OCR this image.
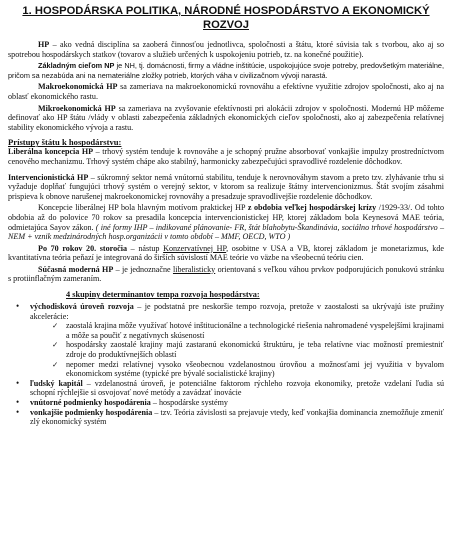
1. HOSPODÁRSKA POLITIKA, NÁRODNÉ HOSPODÁRSTVO A EKONOMICKÝ ROZVOJ

HP – ako vedná disciplína sa zaoberá činnosťou jednotlivca, spoločnosti a štátu, ktoré súvisia tak s tvorbou, ako aj so spotrebou hospodárskych statkov (tovarov a služieb určených k uspokojeniu potrieb, tz. na konečné použitie).

Základným cieľom NP je NH, tj. domácnosti, firmy a vládne inštitúcie, uspokojujúce svoje potreby, predovšetkým materiálne, pričom sa nezabúda ani na nemateriálne zložky potrieb, ktorých váha v civilizačnom vývoji narastá.

Makroekonomická HP sa zameriava na makroekonomickú rovnováhu a efektívne využitie zdrojov spoločnosti, ako aj na oblasť ekonomického rastu.

Mikroekonomická HP sa zameriava na zvyšovanie efektívnosti pri alokácii zdrojov v spoločnosti. Modernú HP môžeme definovať ako HP štátu /vlády v oblasti zabezpečenia základných ekonomických cieľov spoločnosti, ako aj zabezpečenia relatívnej stability ekonomického vývoja a rastu.

Prístupy štátu k hospodárstvu:

Liberálna koncepcia HP – trhový systém tenduje k rovnováhe a je schopný pružne absorbovať vonkajšie impulzy prostredníctvom cenového mechanizmu. Trhový systém chápe ako stabilný, harmonicky zabezpečujúci spravodlivé rozdelenie dôchodkov.

Intervencionistická HP – súkromný sektor nemá vnútornú stabilitu, tenduje k nerovnováhym stavom a preto tzv. zlyhávanie trhu si vyžaduje doplňať fungujúci trhový systém o verejný sektor, v ktorom sa realizuje štátny intervencionizmus. Štát svojím zásahmi prispieva k obnove narušenej makroekonomickej rovnováhy a presadzuje spravodlivejšie rozdelenie dôchodkov.

Koncepcie liberálnej HP bola hlavným motívom praktickej HP z obdobia veľkej hospodárskej krízy /1929-33/. Od tohto obdobia až do polovice 70 rokov sa presadila koncepcia intervencionistickej HP, ktorej základom bola Keynesová MAE teória, odmietajúca Sayov zákon. ( iné formy IHP – indikované plánovanie- FR, štát blahobytu-Škandinávia, sociálno trhové hospodárstvo – NEM + vznik medzinárodných hosp.organizácii v tomto období – MMF, OECD, WTO )

Po 70 rokov 20. storočia – nástup Konzervatívnej HP, osobitne v USA a VB, ktorej základom je monetarizmus, kde kvantitatívna teória peňazí je integrovaná do širších súvislostí MAE teórie vo väzbe na všeobecnú teóriu cien.

Súčasná moderná HP – je jednoznačne liberalisticky orientovaná s veľkou váhou prvkov podporujúcich ponukovú stránku s protiinflačným zameraním.

4 skupiny determinantov tempa rozvoja hospodárstva:

• východisková úroveň rozvoja – je podstatná pre neskoršie tempo rozvoja, pretože v zaostalosti sa ukrývajú iste pružiny akcelerácie:
✓ zaostalá krajina môže využívať hotové inštitucionálne a technologické riešenia nahromadené vyspelejšími krajinami a môže sa poučiť z negatívnych skúseností
✓ hospodársky zaostalé krajiny majú zastaranú ekonomickú štruktúru, je teba relatívne viac možností premiestniť zdroje do produktívnejších oblastí
✓ nepomer medzi relatívnej vysoko všeobecnou vzdelanostnou úrovňou a možnosťami jej využitia v byvalom ekonomickom systéme (typické pre bývalé socialistické krajiny)
• ľudský kapitál – vzdelanostná úroveň, je potenciálne faktorom rýchleho rozvoja ekonomiky, pretože vzdelaní ľudia sú schopní rýchlejšie si osvojovať nové metódy a zavádzať inovácie
• vnútorné podmienky hospodárenia – hospodárske systémy
• vonkajšie podmienky hospodárenia – tzv. Teória závislosti sa prejavuje vtedy, keď vonkajšia dominancia znemožňuje zmeniť zlý ekonomický systém
